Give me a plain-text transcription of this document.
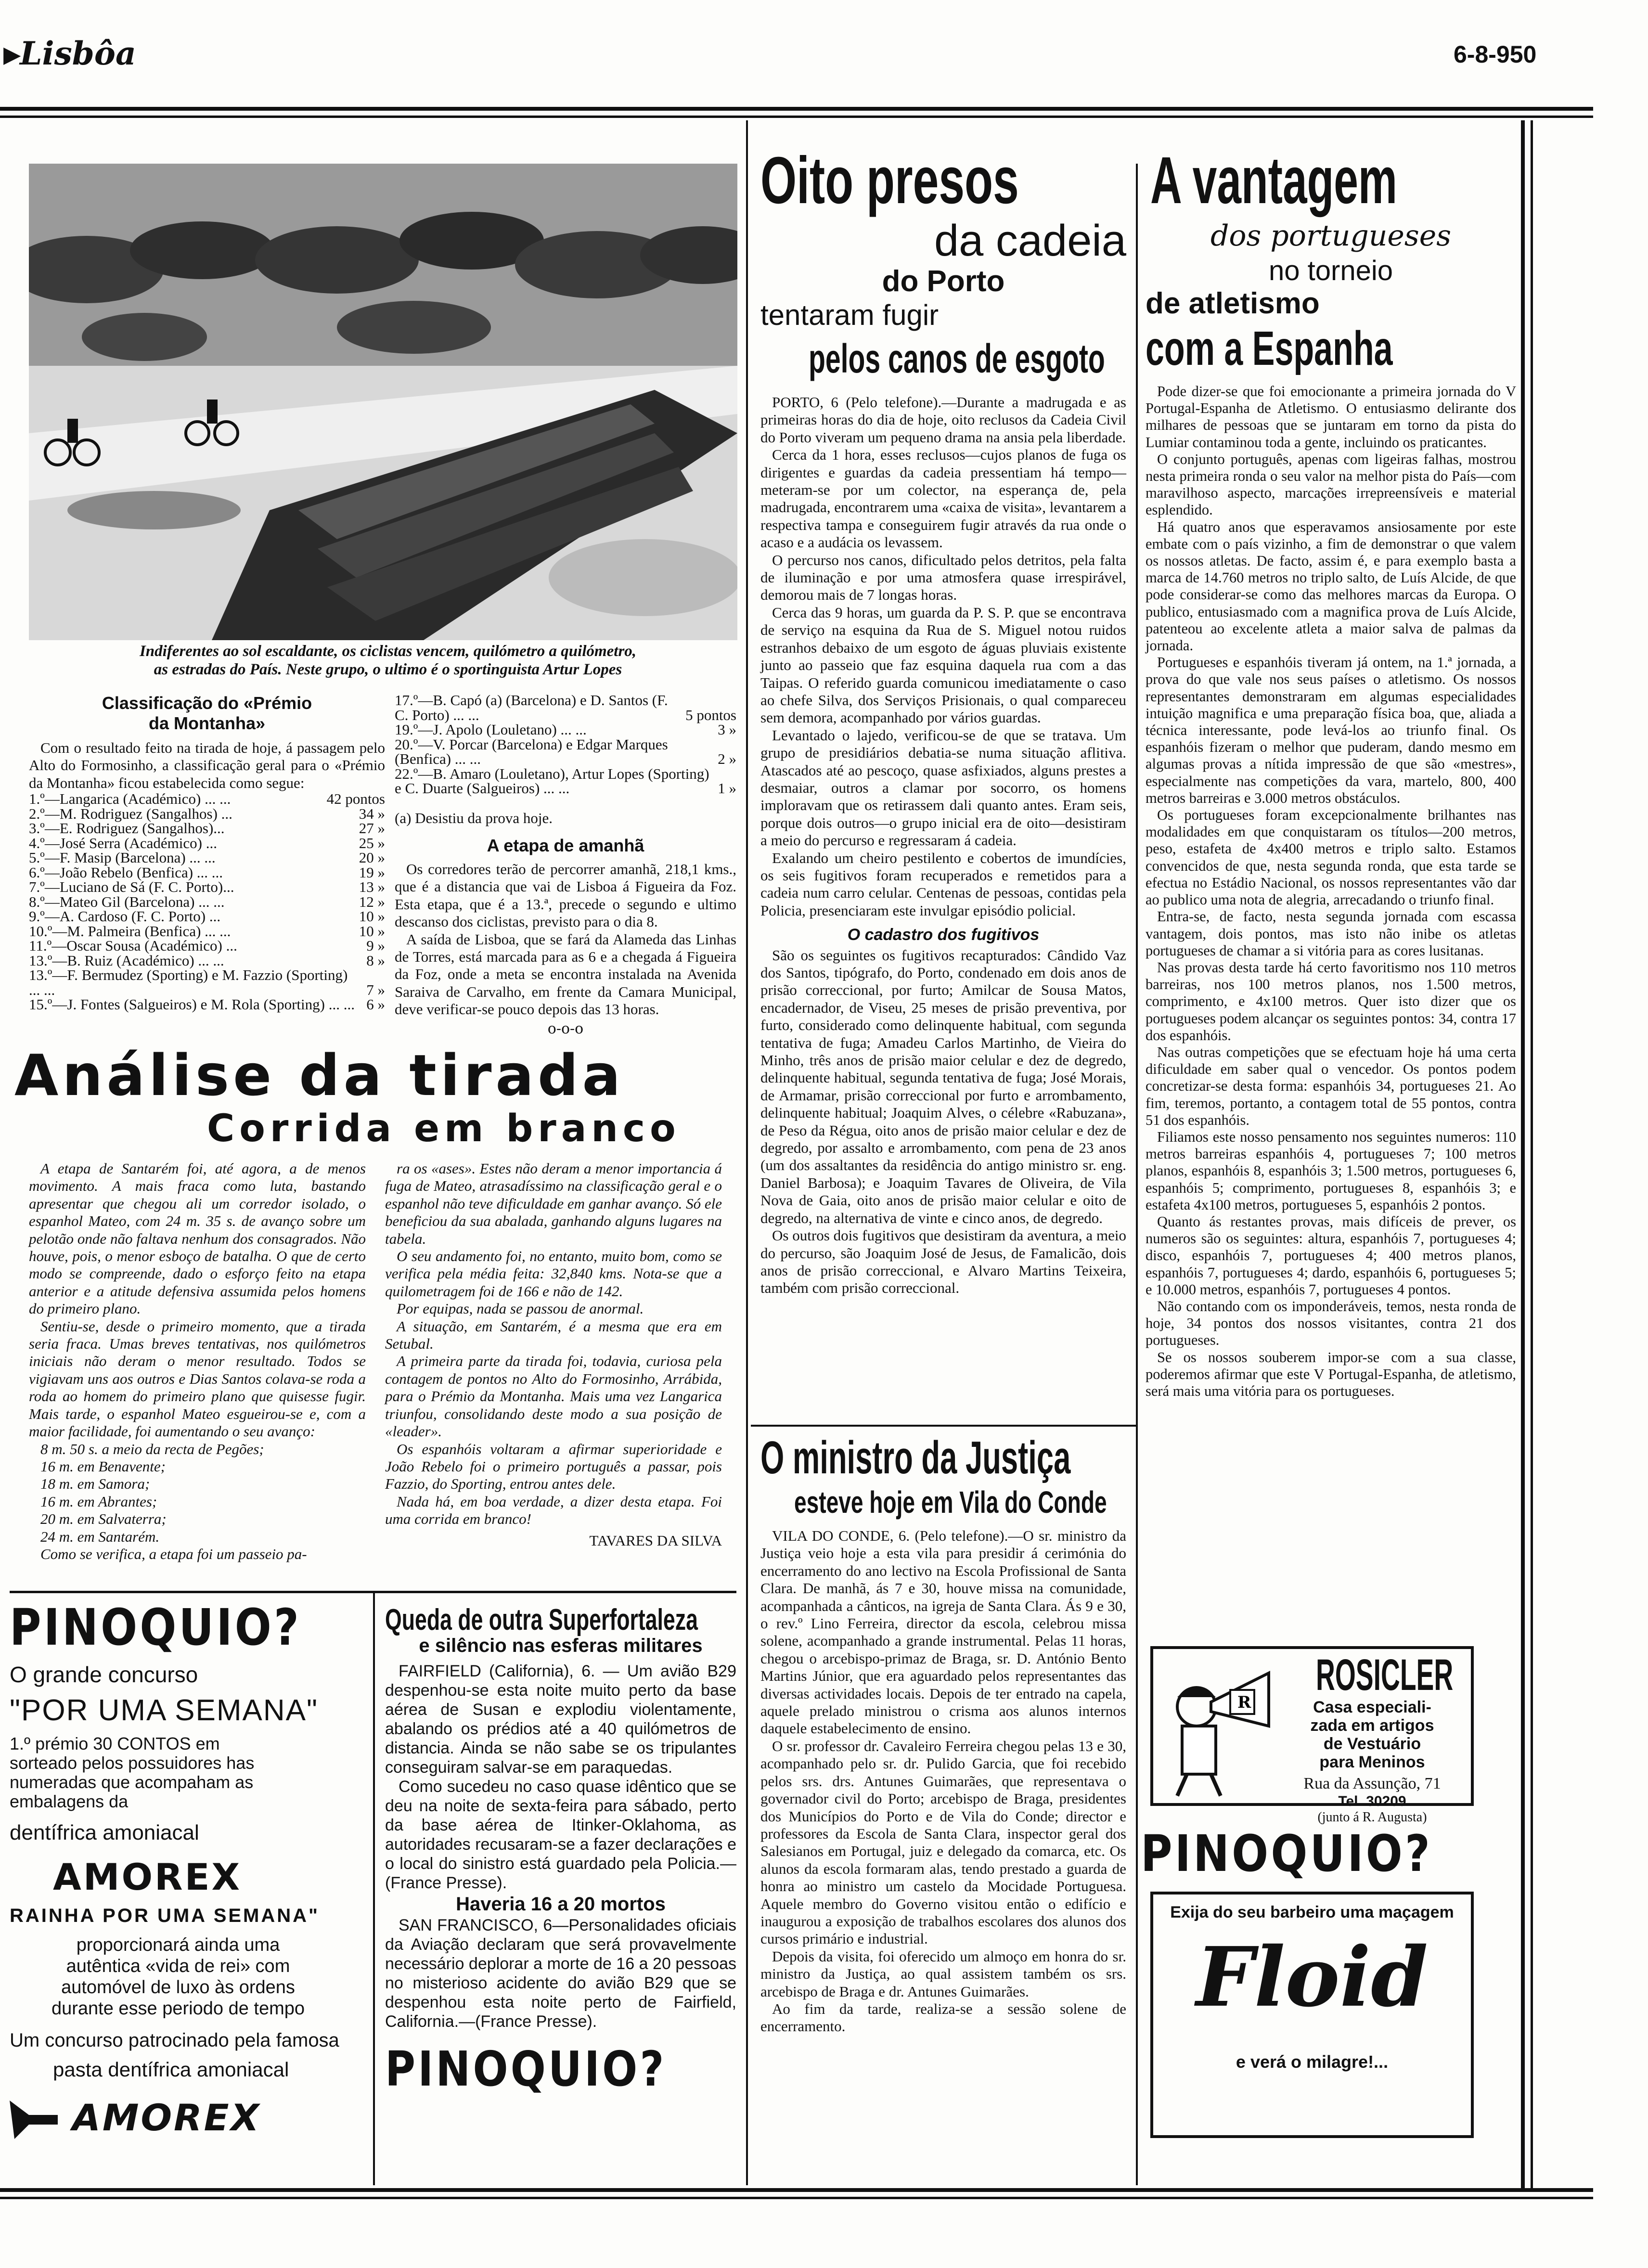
▸Lisbôa	6-8-950
Indiferentes ao sol escaldante, os ciclistas vencem, quilómetro a quilómetro,
as estradas do País. Neste grupo, o ultimo é o sportinguista Artur Lopes
Classificação do «Prémio
da Montanha»

Com o resultado feito na tirada de hoje, á passagem pelo Alto do Formosinho, a classificação geral para o «Prémio da Montanha» ficou estabelecida como segue:

1.º—Langarica (Académico) ... ...	42 pontos
2.º—M. Rodriguez (Sangalhos) ...	34 »
3.º—E. Rodriguez (Sangalhos)...	27 »
4.º—José Serra (Académico) ...	25 »
5.º—F. Masip (Barcelona) ... ...	20 »
6.º—João Rebelo (Benfica) ... ...	19 »
7.º—Luciano de Sá (F. C. Porto)...	13 »
8.º—Mateo Gil (Barcelona) ... ...	12 »
9.º—A. Cardoso (F. C. Porto) ...	10 »
10.º—M. Palmeira (Benfica) ... ...	10 »
11.º—Oscar Sousa (Académico) ...	9 »
13.º—B. Ruiz (Académico) ... ...	8 »
13.º—F. Bermudez (Sporting) e M. Fazzio (Sporting) ... ...	7 »
15.º—J. Fontes (Salgueiros) e M. Rola (Sporting) ... ... 6 »
17.º—B. Capó (a) (Barcelona) e D. Santos (F. C. Porto) ... ...	5 pontos
19.º—J. Apolo (Louletano) ... ...	3 »
20.º—V. Porcar (Barcelona) e Edgar Marques (Benfica) ... ...	2 »
22.º—B. Amaro (Louletano), Artur Lopes (Sporting) e C. Duarte (Salgueiros) ... ...	1 »
(a) Desistiu da prova hoje.
A etapa de amanhã

Os corredores terão de percorrer amanhã, 218,1 kms., que é a distancia que vai de Lisboa á Figueira da Foz. Esta etapa, que é a 13.ª, precede o segundo e ultimo descanso dos ciclistas, previsto para o dia 8.

A saída de Lisboa, que se fará da Alameda das Linhas de Torres, está marcada para as 6 e a chegada á Figueira da Foz, onde a meta se encontra instalada na Avenida Saraiva de Carvalho, em frente da Camara Municipal, deve verificar-se pouco depois das 13 horas.

o-o-o
Análise da tirada
Corrida em branco

A etapa de Santarém foi, até agora, a de menos movimento. A mais fraca como luta, bastando apresentar que chegou ali um corredor isolado, o espanhol Mateo, com 24 m. 35 s. de avanço sobre um pelotão onde não faltava nenhum dos consagrados. Não houve, pois, o menor esboço de batalha. O que de certo modo se compreende, dado o esforço feito na etapa anterior e a atitude defensiva assumida pelos homens do primeiro plano.

Sentiu-se, desde o primeiro momento, que a tirada seria fraca. Umas breves tentativas, nos quilómetros iniciais não deram o menor resultado. Todos se vigiavam uns aos outros e Dias Santos colava-se roda a roda ao homem do primeiro plano que quisesse fugir. Mais tarde, o espanhol Mateo esgueirou-se e, com a maior facilidade, foi aumentando o seu avanço:

8 m. 50 s. a meio da recta de Pegões;

16 m. em Benavente;

18 m. em Samora;

16 m. em Abrantes;

20 m. em Salvaterra;

24 m. em Santarém.

Como se verifica, a etapa foi um passeio pa-

ra os «ases». Estes não deram a menor importancia á fuga de Mateo, atrasadíssimo na classificação geral e o espanhol não teve dificuldade em ganhar avanço. Só ele beneficiou da sua abalada, ganhando alguns lugares na tabela.

O seu andamento foi, no entanto, muito bom, como se verifica pela média feita: 32,840 kms. Nota-se que a quilometragem foi de 166 e não de 142.

Por equipas, nada se passou de anormal.

A situação, em Santarém, é a mesma que era em Setubal.

A primeira parte da tirada foi, todavia, curiosa pela contagem de pontos no Alto do Formosinho, Arrábida, para o Prémio da Montanha. Mais uma vez Langarica triunfou, consolidando deste modo a sua posição de «leader».

Os espanhóis voltaram a afirmar superioridade e João Rebelo foi o primeiro português a passar, pois Fazzio, do Sporting, entrou antes dele.

Nada há, em boa verdade, a dizer desta etapa. Foi uma corrida em branco!

TAVARES DA SILVA
PINOQUIO?
O grande concurso
"POR UMA SEMANA"
1.º prémio 30 CONTOS em sorteado pelos possuidores has numeradas que acompaham as embalagens da
dentífrica amoniacal
AMOREX
RAINHA POR UMA SEMANA"
proporcionará ainda uma autêntica «vida de rei» com automóvel de luxo às ordens durante esse periodo de tempo
Um concurso patrocinado pela famosa
pasta dentífrica amoniacal
AMOREX
Queda de outra Superfortaleza
e silêncio nas esferas militares

FAIRFIELD (California), 6. — Um avião B29 despenhou-se esta noite muito perto da base aérea de Susan e explodiu violentamente, abalando os prédios até a 40 quilómetros de distancia. Ainda se não sabe se os tripulantes conseguiram salvar-se em paraquedas.

Como sucedeu no caso quase idêntico que se deu na noite de sexta-feira para sábado, perto da base aérea de Itinker-Oklahoma, as autoridades recusaram-se a fazer declarações e o local do sinistro está guardado pela Policia.— (France Presse).

Haveria 16 a 20 mortos

SAN FRANCISCO, 6—Personalidades oficiais da Aviação declaram que será provavelmente necessário deplorar a morte de 16 a 20 pessoas no misterioso acidente do avião B29 que se despenhou esta noite perto de Fairfield, California.—(France Presse).

PINOQUIO?
Oito presos
da cadeia
do Porto
tentaram fugir
pelos canos de esgoto

PORTO, 6 (Pelo telefone).—Durante a madrugada e as primeiras horas do dia de hoje, oito reclusos da Cadeia Civil do Porto viveram um pequeno drama na ansia pela liberdade.

Cerca da 1 hora, esses reclusos—cujos planos de fuga os dirigentes e guardas da cadeia pressentiam há tempo—meteram-se por um colector, na esperança de, pela madrugada, encontrarem uma «caixa de visita», levantarem a respectiva tampa e conseguirem fugir através da rua onde o acaso e a audácia os levassem.

O percurso nos canos, dificultado pelos detritos, pela falta de iluminação e por uma atmosfera quase irrespirável, demorou mais de 7 longas horas.

Cerca das 9 horas, um guarda da P. S. P. que se encontrava de serviço na esquina da Rua de S. Miguel notou ruidos estranhos debaixo de um esgoto de águas pluviais existente junto ao passeio que faz esquina daquela rua com a das Taipas. O referido guarda comunicou imediatamente o caso ao chefe Silva, dos Serviços Prisionais, o qual compareceu sem demora, acompanhado por vários guardas.

Levantado o lajedo, verificou-se de que se tratava. Um grupo de presidiários debatia-se numa situação aflitiva. Atascados até ao pescoço, quase asfixiados, alguns prestes a desmaiar, outros a clamar por socorro, os homens imploravam que os retirassem dali quanto antes. Eram seis, porque dois outros—o grupo inicial era de oito—desistiram a meio do percurso e regressaram á cadeia.

Exalando um cheiro pestilento e cobertos de imundícies, os seis fugitivos foram recuperados e remetidos para a cadeia num carro celular. Centenas de pessoas, contidas pela Policia, presenciaram este invulgar episódio policial.

O cadastro dos fugitivos

São os seguintes os fugitivos recapturados: Cândido Vaz dos Santos, tipógrafo, do Porto, condenado em dois anos de prisão correccional, por furto; Amilcar de Sousa Matos, encadernador, de Viseu, 25 meses de prisão preventiva, por furto, considerado como delinquente habitual, com segunda tentativa de fuga; Amadeu Carlos Martinho, de Vieira do Minho, três anos de prisão maior celular e dez de degredo, delinquente habitual, segunda tentativa de fuga; José Morais, de Armamar, prisão correccional por furto e arrombamento, delinquente habitual; Joaquim Alves, o célebre «Rabuzana», de Peso da Régua, oito anos de prisão maior celular e dez de degredo, por assalto e arrombamento, com pena de 23 anos (um dos assaltantes da residência do antigo ministro sr. eng. Daniel Barbosa); e Joaquim Tavares de Oliveira, de Vila Nova de Gaia, oito anos de prisão maior celular e oito de degredo, na alternativa de vinte e cinco anos, de degredo.

Os outros dois fugitivos que desistiram da aventura, a meio do percurso, são Joaquim José de Jesus, de Famalicão, dois anos de prisão correccional, e Alvaro Martins Teixeira, também com prisão correccional.

O ministro da Justiça
esteve hoje em Vila do Conde

VILA DO CONDE, 6. (Pelo telefone).—O sr. ministro da Justiça veio hoje a esta vila para presidir á cerimónia do encerramento do ano lectivo na Escola Profissional de Santa Clara. De manhã, ás 7 e 30, houve missa na comunidade, acompanhada a cânticos, na igreja de Santa Clara. Ás 9 e 30, o rev.º Lino Ferreira, director da escola, celebrou missa solene, acompanhado a grande instrumental. Pelas 11 horas, chegou o arcebispo-primaz de Braga, sr. D. António Bento Martins Júnior, que era aguardado pelos representantes das diversas actividades locais. Depois de ter entrado na capela, aquele prelado ministrou o crisma aos alunos internos daquele estabelecimento de ensino.

O sr. professor dr. Cavaleiro Ferreira chegou pelas 13 e 30, acompanhado pelo sr. dr. Pulido Garcia, que foi recebido pelos srs. drs. Antunes Guimarães, que representava o governador civil do Porto; arcebispo de Braga, presidentes dos Municípios do Porto e de Vila do Conde; director e professores da Escola de Santa Clara, inspector geral dos Salesianos em Portugal, juiz e delegado da comarca, etc. Os alunos da escola formaram alas, tendo prestado a guarda de honra ao ministro um castelo da Mocidade Portuguesa. Aquele membro do Governo visitou então o edifício e inaugurou a exposição de trabalhos escolares dos alunos dos cursos primário e industrial.

Depois da visita, foi oferecido um almoço em honra do sr. ministro da Justiça, ao qual assistem também os srs. arcebispo de Braga e dr. Antunes Guimarães.

Ao fim da tarde, realiza-se a sessão solene de encerramento.

A vantagem
dos portugueses
no torneio
de atletismo
com a Espanha

Pode dizer-se que foi emocionante a primeira jornada do V Portugal-Espanha de Atletismo. O entusiasmo delirante dos milhares de pessoas que se juntaram em torno da pista do Lumiar contaminou toda a gente, incluindo os praticantes.

O conjunto português, apenas com ligeiras falhas, mostrou nesta primeira ronda o seu valor na melhor pista do País—com maravilhoso aspecto, marcações irrepreensíveis e material esplendido.

Há quatro anos que esperavamos ansiosamente por este embate com o país vizinho, a fim de demonstrar o que valem os nossos atletas. De facto, assim é, e para exemplo basta a marca de 14.760 metros no triplo salto, de Luís Alcide, de que pode considerar-se como das melhores marcas da Europa. O publico, entusiasmado com a magnifica prova de Luís Alcide, patenteou ao excelente atleta a maior salva de palmas da jornada.

Portugueses e espanhóis tiveram já ontem, na 1.ª jornada, a prova do que vale nos seus países o atletismo. Os nossos representantes demonstraram em algumas especialidades intuição magnifica e uma preparação física boa, que, aliada a técnica interessante, pode levá-los ao triunfo final. Os espanhóis fizeram o melhor que puderam, dando mesmo em algumas provas a nítida impressão de que são «mestres», especialmente nas competições da vara, martelo, 800, 400 metros barreiras e 3.000 metros obstáculos.

Os portugueses foram excepcionalmente brilhantes nas modalidades em que conquistaram os títulos—200 metros, peso, estafeta de 4x400 metros e triplo salto. Estamos convencidos de que, nesta segunda ronda, que esta tarde se efectua no Estádio Nacional, os nossos representantes vão dar ao publico uma nota de alegria, arrecadando o triunfo final.

Entra-se, de facto, nesta segunda jornada com escassa vantagem, dois pontos, mas isto não inibe os atletas portugueses de chamar a si vitória para as cores lusitanas.

Nas provas desta tarde há certo favoritismo nos 110 metros barreiras, nos 100 metros planos, nos 1.500 metros, comprimento, e 4x100 metros. Quer isto dizer que os portugueses podem alcançar os seguintes pontos: 34, contra 17 dos espanhóis.

Nas outras competições que se efectuam hoje há uma certa dificuldade em saber qual o vencedor. Os pontos podem concretizar-se desta forma: espanhóis 34, portugueses 21. Ao fim, teremos, portanto, a contagem total de 55 pontos, contra 51 dos espanhóis.

Filiamos este nosso pensamento nos seguintes numeros: 110 metros barreiras espanhóis 4, portugueses 7; 100 metros planos, espanhóis 8, espanhóis 3; 1.500 metros, portugueses 6, espanhóis 5; comprimento, portugueses 8, espanhóis 3; e estafeta 4x100 metros, portugueses 5, espanhóis 2 pontos.

Quanto ás restantes provas, mais difíceis de prever, os numeros são os seguintes: altura, espanhóis 7, portugueses 4; disco, espanhóis 7, portugueses 4; 400 metros planos, espanhóis 7, portugueses 4; dardo, espanhóis 6, portugueses 5; e 10.000 metros, espanhóis 7, portugueses 4 pontos.

Não contando com os imponderáveis, temos, nesta ronda de hoje, 34 pontos dos nossos visitantes, contra 21 dos portugueses.

Se os nossos souberem impor-se com a sua classe, poderemos afirmar que este V Portugal-Espanha, de atletismo, será mais uma vitória para os portugueses.

R
ROSICLER
Casa especiali-
zada em artigos
de Vestuário
para Meninos
Rua da Assunção, 71
Tel. 30209
(junto á R. Augusta)
PINOQUIO?
Exija do seu barbeiro uma maçagem
Floid
e verá o milagre!...
